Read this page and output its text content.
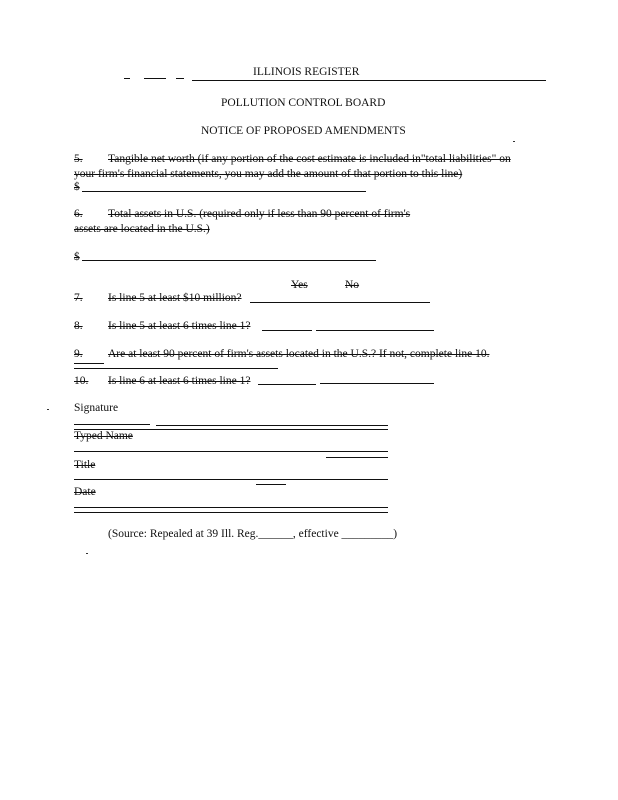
ILLINOIS REGISTER
POLLUTION CONTROL BOARD
NOTICE OF PROPOSED AMENDMENTS
5. Tangible net worth (if any portion of the cost estimate is included in"total liabilities" on
your firm's financial statements, you may add the amount of that portion to this line)
$
6. Total assets in U.S. (required only if less than 90 percent of firm's
assets are located in the U.S.)
$
Yes	No
7. Is line 5 at least $10 million?
8. Is line 5 at least 6 times line 1?
9. Are at least 90 percent of firm's assets located in the U.S.? If not, complete line 10.
10. Is line 6 at least 6 times line 1?
Signature
Typed Name
Title
Date
(Source: Repealed at 39 Ill. Reg.______, effective _________)
